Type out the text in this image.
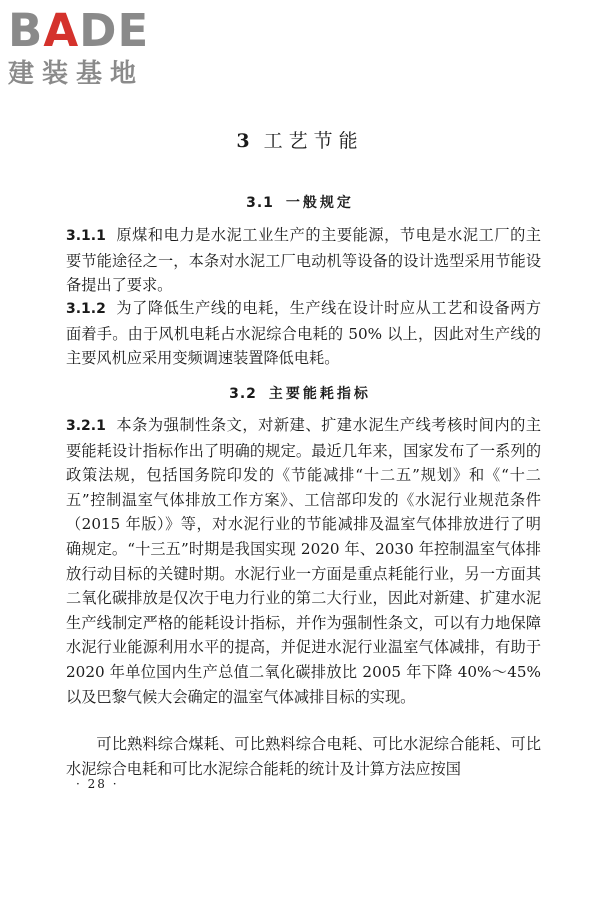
B A DE
建装基地
3 工艺节能
3.1 一般规定
3.1.1 原煤和电力是水泥工业生产的主要能源，节电是水泥工厂的主要节能途径之一，本条对水泥工厂电动机等设备的设计选型采用节能设备提出了要求。
3.1.2 为了降低生产线的电耗，生产线在设计时应从工艺和设备两方面着手。由于风机电耗占水泥综合电耗的 50% 以上，因此对生产线的主要风机应采用变频调速装置降低电耗。
3.2 主要能耗指标
3.2.1 本条为强制性条文，对新建、扩建水泥生产线考核时间内的主要能耗设计指标作出了明确的规定。最近几年来，国家发布了一系列的政策法规，包括国务院印发的《节能减排“十二五”规划》和《“十二五”控制温室气体排放工作方案》、工信部印发的《水泥行业规范条件（2015 年版）》等，对水泥行业的节能减排及温室气体排放进行了明确规定。“十三五”时期是我国实现 2020 年、2030 年控制温室气体排放行动目标的关键时期。水泥行业一方面是重点耗能行业，另一方面其二氧化碳排放是仅次于电力行业的第二大行业，因此对新建、扩建水泥生产线制定严格的能耗设计指标，并作为强制性条文，可以有力地保障水泥行业能源利用水平的提高，并促进水泥行业温室气体减排，有助于 2020 年单位国内生产总值二氧化碳排放比 2005 年下降 40%～45% 以及巴黎气候大会确定的温室气体减排目标的实现。
可比熟料综合煤耗、可比熟料综合电耗、可比水泥综合能耗、可比水泥综合电耗和可比水泥综合能耗的统计及计算方法应按国
· 28 ·
